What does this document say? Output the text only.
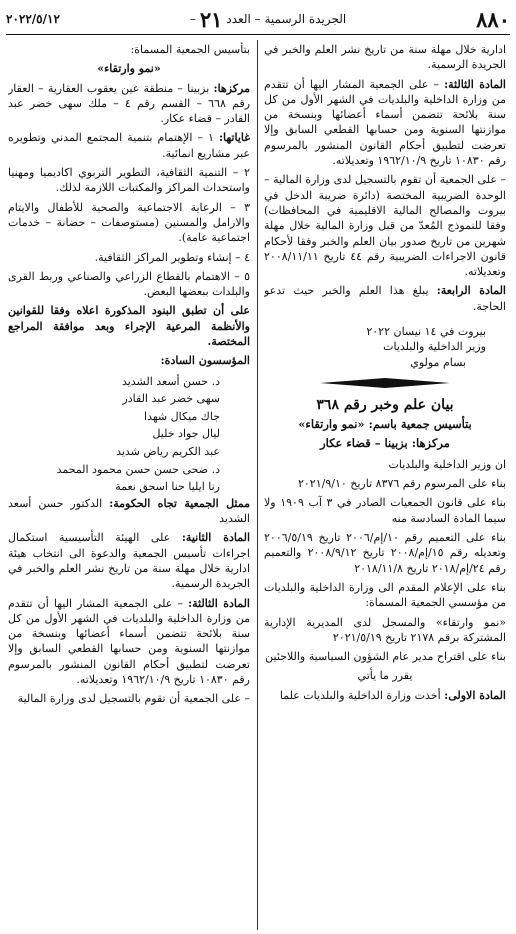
٨٨٠
الجريدة الرسمية – العدد
٢١
–
٢٠٢٢/٥/١٢

ادارية خلال مهلة سنة من تاريخ نشر العلم والخبر في الجريدة الرسمية.

المادة الثالثة: – على الجمعية المشار اليها أن تتقدم من وزارة الداخلية والبلديات في الشهر الأول من كل سنة بلائحة تتضمن أسماء أعضائها وبنسخة من موازنتها السنوية ومن حسابها القطعي السابق وإلا تعرضت لتطبيق أحكام القانون المنشور بالمرسوم رقم ١٠٨٣٠ تاريخ ١٩٦٢/١٠/٩ وتعديلاته.

– على الجمعية أن تقوم بالتسجيل لدى وزارة المالية – الوحدة الضريبية المختصة (دائرة ضريبة الدخل في بيروت والمصالح المالية الاقليمية في المحافظات) وفقا للنموذج المُعدّ من قبل وزارة المالية خلال مهلة شهرين من تاريخ صدور بيان العلم والخبر وفقا لأحكام قانون الاجراءات الضريبية رقم ٤٤ تاريخ ٢٠٠٨/١١/١١ وتعديلاته.

المادة الرابعة: يبلغ هذا العلم والخبر حيث تدعو الحاجة.

بيروت في ١٤ نيسان ٢٠٢٢

وزير الداخلية والبلديات

بسام مولوي

بيان علم وخبر رقم ٣٦٨
بتأسيس جمعية باسم: «نمو وارتقاء»
مركزها: بزبينا – قضاء عكار

ان وزير الداخلية والبلديات

بناء على المرسوم رقم ٨٣٧٦ تاريخ ٢٠٢١/٩/١٠

بناء على قانون الجمعيات الصادر في ٣ آب ١٩٠٩ ولا سيما المادة السادسة منه

بناء على التعميم رقم ١٠/إم/٢٠٠٦ تاريخ ٢٠٠٦/٥/١٩ وتعديله رقم ١٥/إم/٢٠٠٨ تاريخ ٢٠٠٨/٩/١٢ والتعميم رقم ٢٤/إم/٢٠١٨ تاريخ ٢٠١٨/١١/٨

بناء على الإعلام المقدم الى وزارة الداخلية والبلديات من مؤسسي الجمعية المسماة:

«نمو وارتقاء» والمسجل لدى المديرية الإدارية المشتركة برقم ٢١٧٨ تاريخ ٢٠٢١/٥/١٩

بناء على اقتراح مدير عام الشؤون السياسية واللاجئين

يقرر ما يأتي

المادة الاولى: أخذت وزارة الداخلية والبلديات علما

بتأسيس الجمعية المسماة:

«نمو وارتقاء»

مركزها: بزبينا – منطقة عين يعقوب العقارية – العقار رقم ٦٦٨ – القسم رقم ٤ – ملك سهى خضر عبد القادر – قضاء عكار.

غاياتها: ١ – الإهتمام بتنمية المجتمع المدني وتطويره عبر مشاريع انمائية.

٢ – التنمية الثقافية، التطوير التربوي اكاديميا ومهنيا واستحداث المراكز والمكتبات اللازمة لذلك.

٣ – الرعاية الاجتماعية والصحية للأطفال والايتام والارامل والمسنين (مستوصفات – حضانة – خدمات اجتماعية عامة).

٤ – إنشاء وتطوير المراكز الثقافية.

٥ – الاهتمام بالقطاع الزراعي والصناعي وربط القرى والبلدات ببعضها البعض.

على أن تطبق البنود المذكورة اعلاه وفقا للقوانين والأنظمة المرعية الإجراء وبعد موافقة المراجع المختصة.

المؤسسون السادة:

د. حسن أسعد الشديد
سهى خضر عبد القادر
جاك ميكال شهدا
ليال جواد خليل
عبد الكريم رياض شديد
د. ضحى حسن حسن محمود المحمد
رنا ايليا حنا اسحق نعمة

ممثل الجمعية تجاه الحكومة: الدكتور حسن أسعد الشديد

المادة الثانية: على الهيئة التأسيسية استكمال اجراءات تأسيس الجمعية والدعوة الى انتخاب هيئة ادارية خلال مهلة سنة من تاريخ نشر العلم والخبر في الجريدة الرسمية.

المادة الثالثة: – على الجمعية المشار اليها أن تتقدم من وزارة الداخلية والبلديات في الشهر الأول من كل سنة بلائحة تتضمن أسماء أعضائها وبنسخة من موازنتها السنوية ومن حسابها القطعي السابق وإلا تعرضت لتطبيق أحكام القانون المنشور بالمرسوم رقم ١٠٨٣٠ تاريخ ١٩٦٢/١٠/٩ وتعديلاته.

– على الجمعية أن تقوم بالتسجيل لدى وزارة المالية
